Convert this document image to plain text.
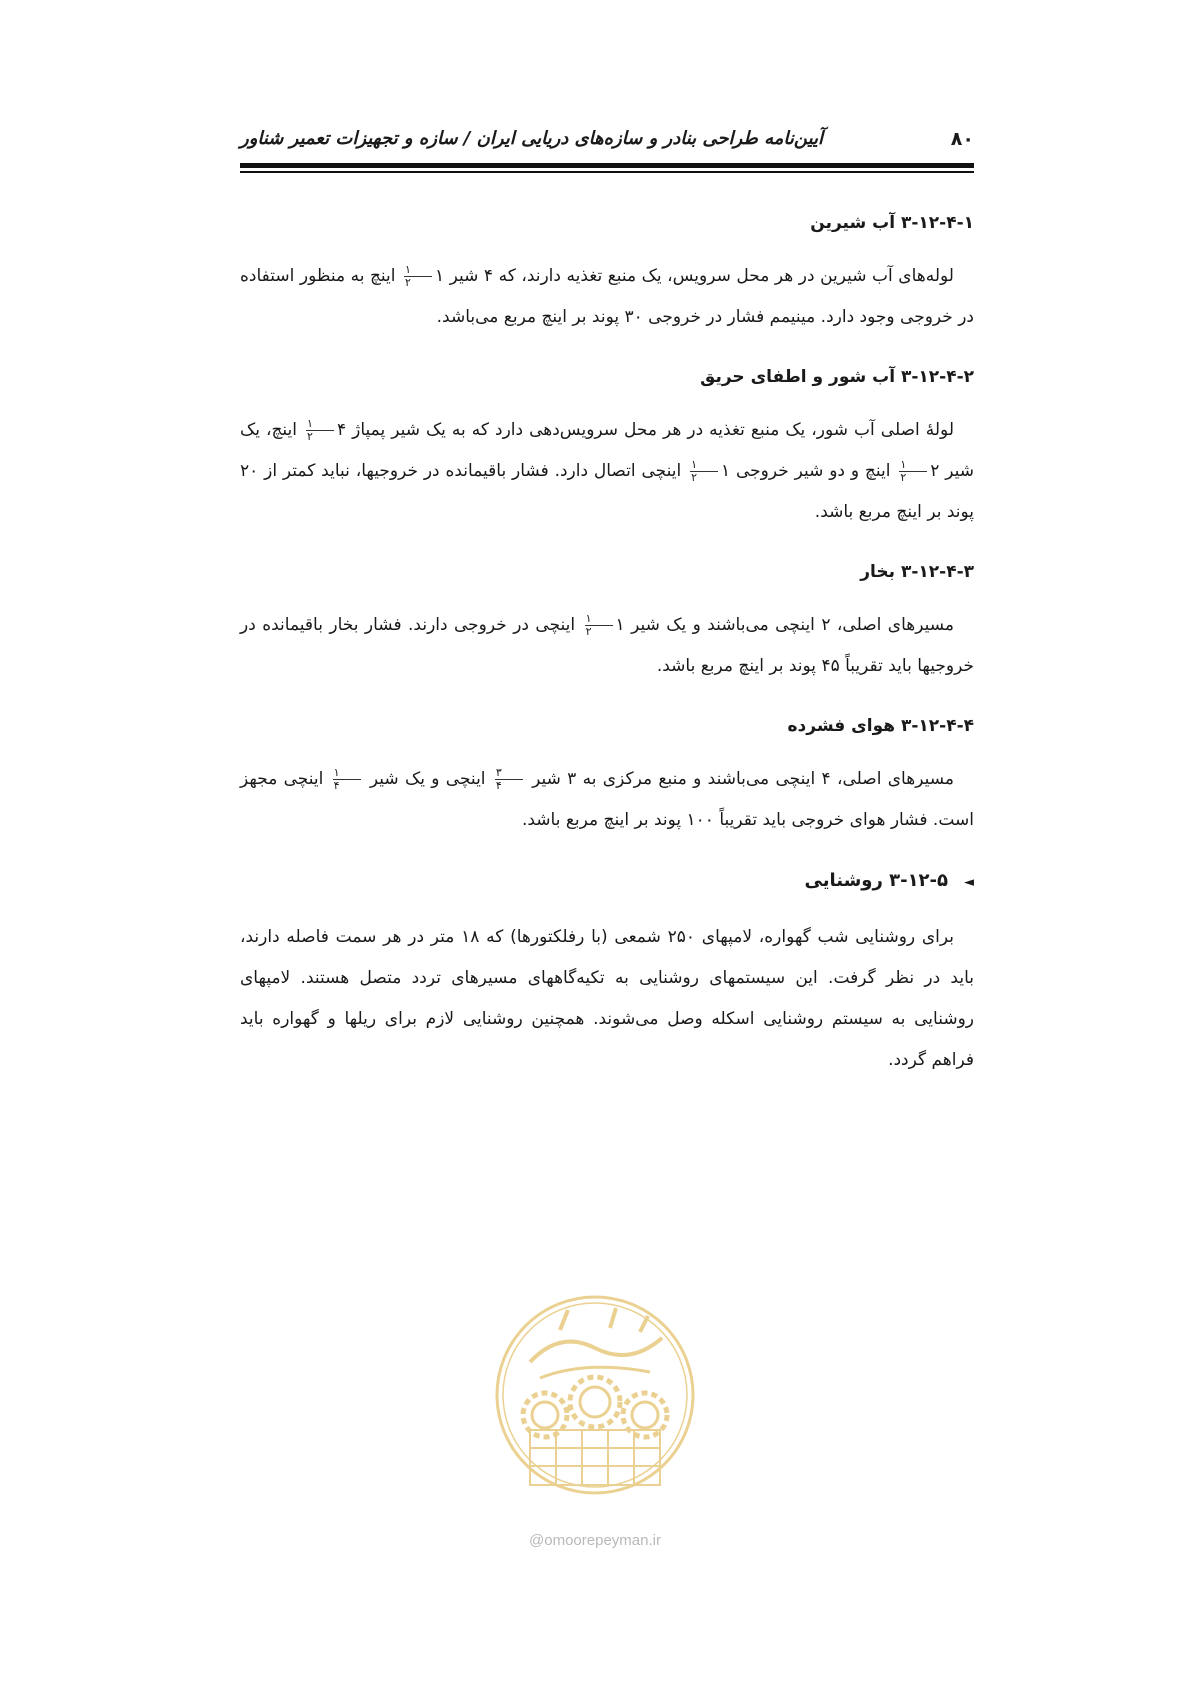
۸۰
آیین‌نامه طراحی بنادر و سازه‌های دریایی ایران / سازه و تجهیزات تعمیر شناور
۳-۱۲-۴-۱ آب شیرین

لوله‌های آب شیرین در هر محل سرویس، یک منبع تغذیه دارند، که ۴ شیر ۱
$\frac{۱}{۲}$
اینچ به منظور استفاده در خروجی وجود دارد. مینیمم فشار در خروجی ۳۰ پوند بر اینچ مربع می‌باشد.

۳-۱۲-۴-۲ آب شور و اطفای حریق

لولهٔ اصلی آب شور، یک منبع تغذیه در هر محل سرویس‌دهی دارد که به یک شیر پمپاژ ۴
$\frac{۱}{۲}$
اینچ، یک شیر ۲
$\frac{۱}{۲}$
اینچ و دو شیر خروجی ۱
$\frac{۱}{۲}$
اینچی اتصال دارد. فشار باقیمانده در خروجیها، نباید کمتر از ۲۰ پوند بر اینچ مربع باشد.

۳-۱۲-۴-۳ بخار

مسیرهای اصلی، ۲ اینچی می‌باشند و یک شیر ۱
$\frac{۱}{۲}$
اینچی در خروجی دارند. فشار بخار باقیمانده در خروجیها باید تقریباً ۴۵ پوند بر اینچ مربع باشد.

۳-۱۲-۴-۴ هوای فشرده

مسیرهای اصلی، ۴ اینچی می‌باشند و منبع مرکزی به ۳ شیر
$\frac{۳}{۴}$
اینچی و یک شیر
$\frac{۱}{۴}$
اینچی مجهز است. فشار هوای خروجی باید تقریباً ۱۰۰ پوند بر اینچ مربع باشد.

◄۳-۱۲-۵ روشنایی

برای روشنایی شب گهواره، لامپهای ۲۵۰ شمعی (با رفلکتورها) که ۱۸ متر در هر سمت فاصله دارند، باید در نظر گرفت. این سیستمهای روشنایی به تکیه‌گاههای مسیرهای تردد متصل هستند. لامپهای روشنایی به سیستم روشنایی اسکله وصل می‌شوند. همچنین روشنایی لازم برای ریلها و گهواره باید فراهم گردد.

@omoorepeyman.ir
